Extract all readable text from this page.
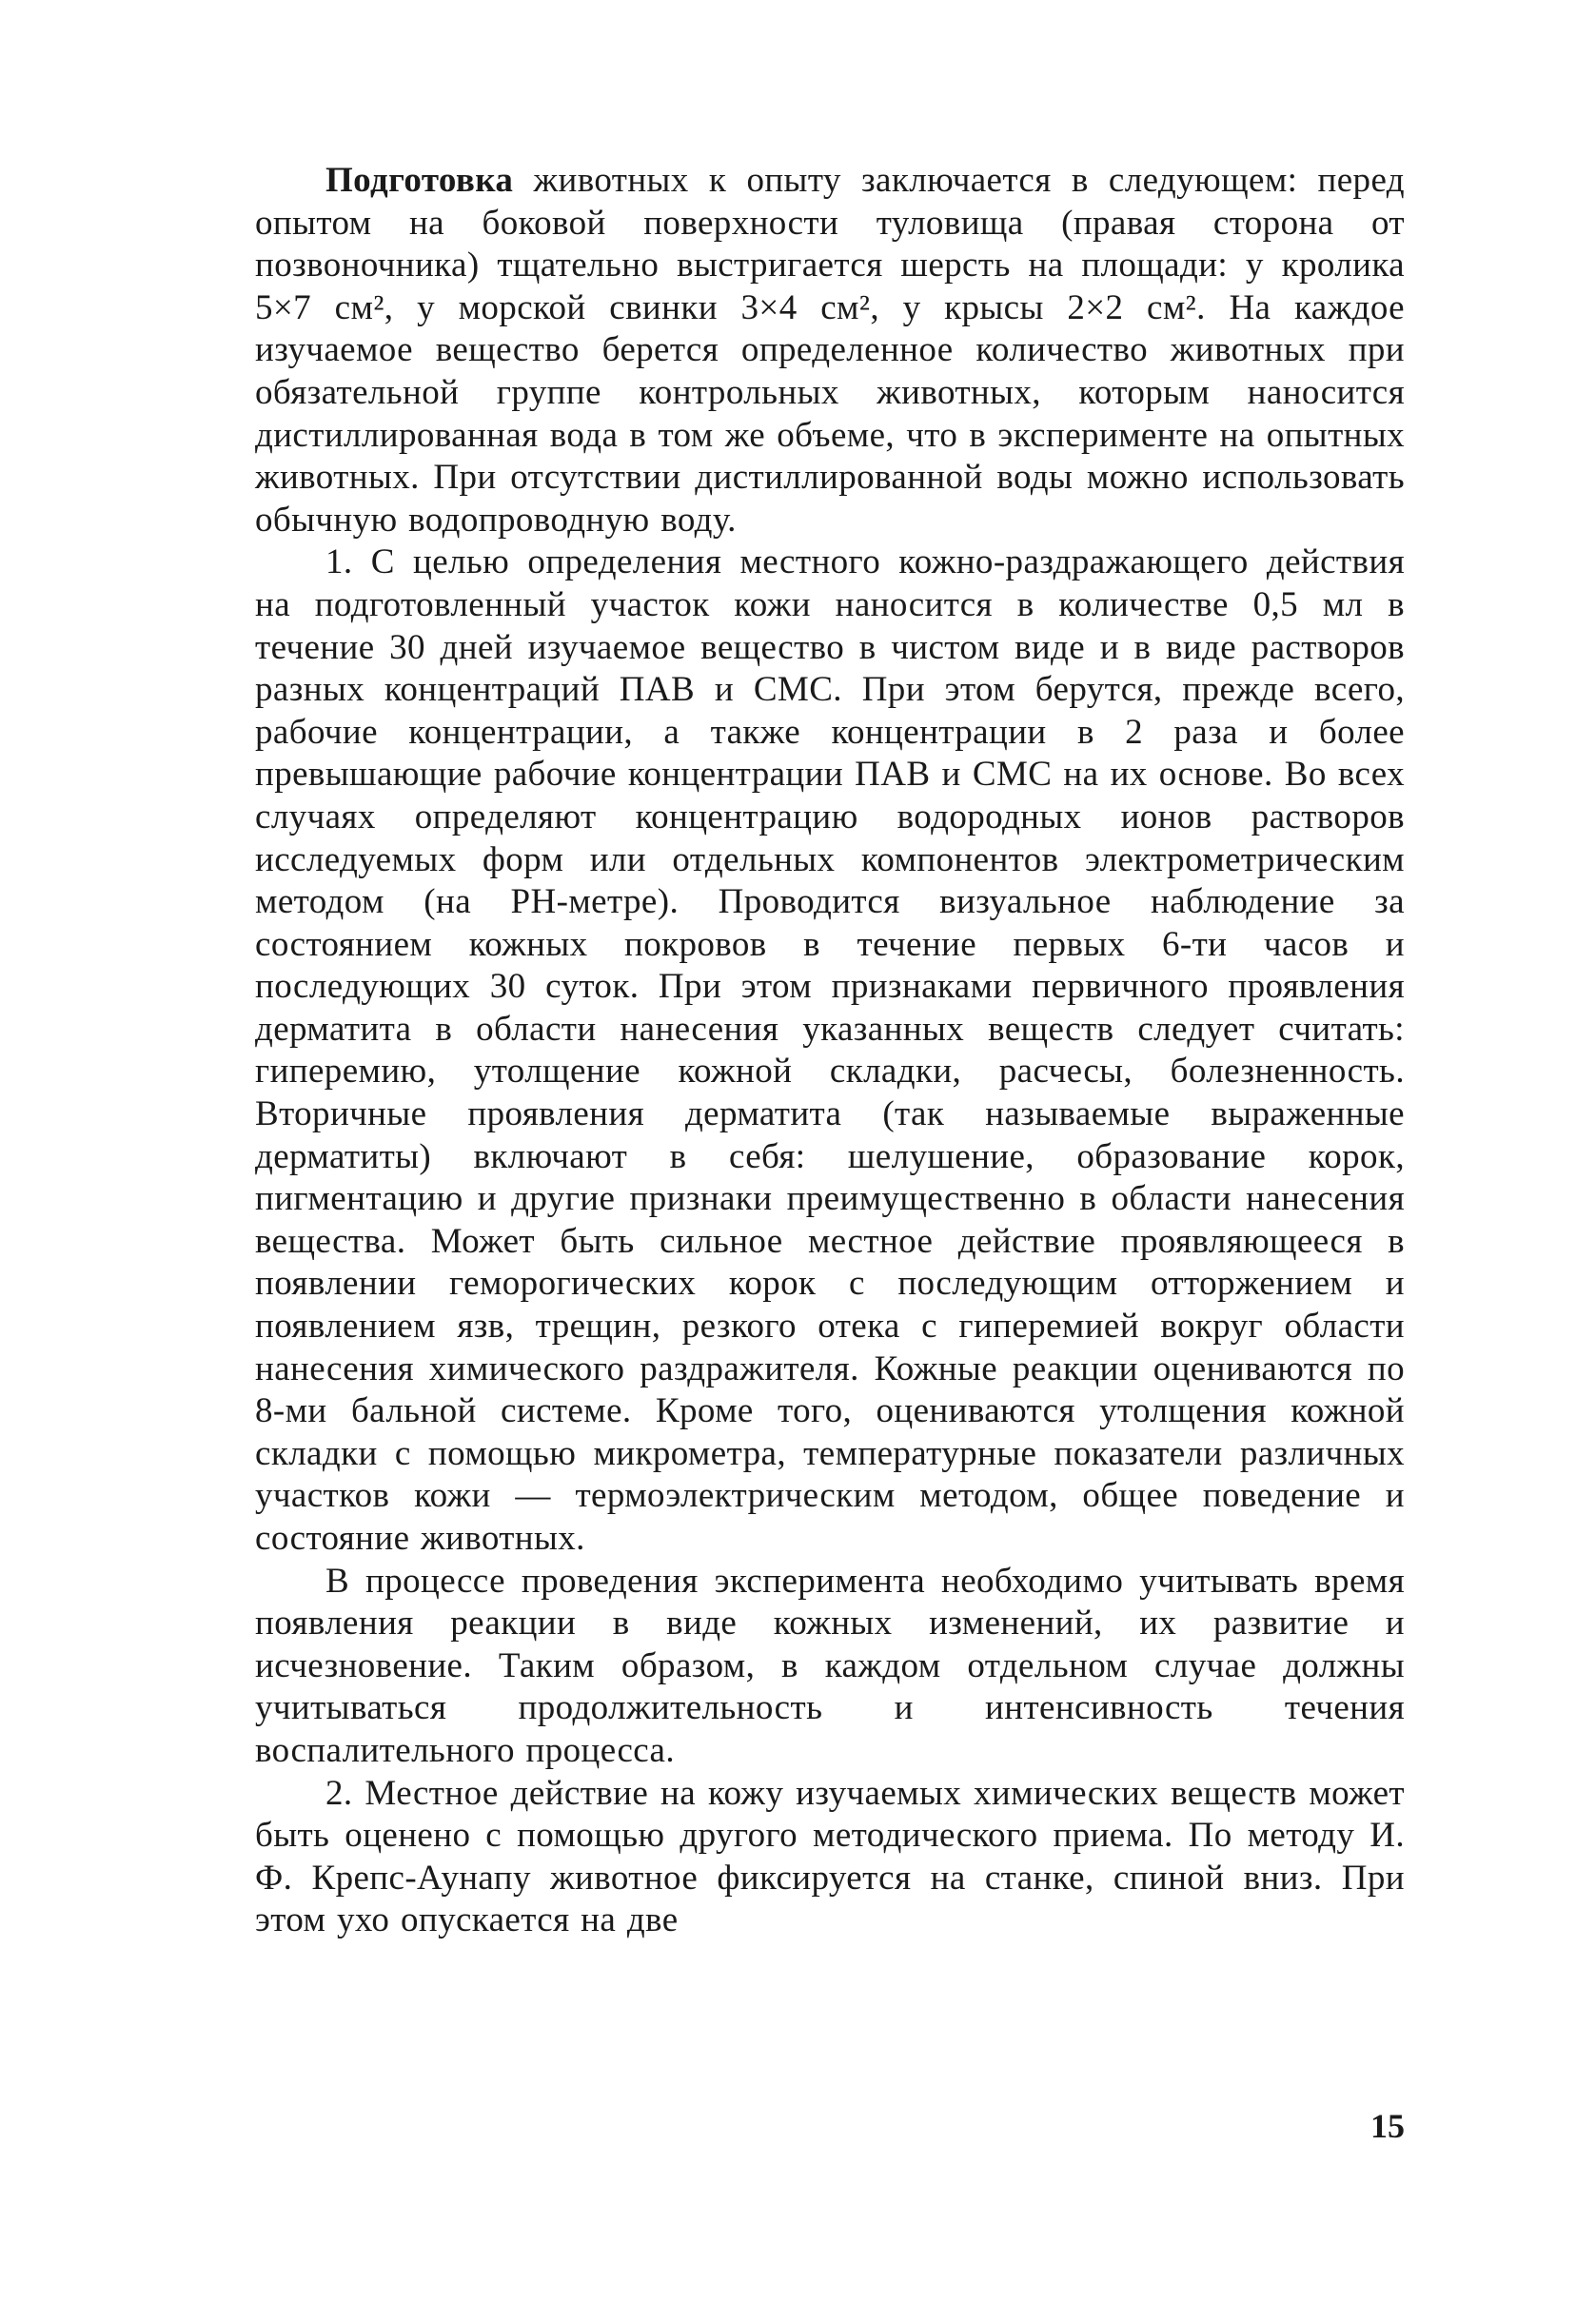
Подготовка животных к опыту заключается в следующем: перед опытом на боковой поверхности туловища (правая сторона от позвоночника) тщательно выстригается шерсть на площади: у кролика 5×7 см², у морской свинки 3×4 см², у крысы 2×2 см². На каждое изучаемое вещество берется определенное количество животных при обязательной группе контрольных животных, которым наносится дистиллированная вода в том же объеме, что в эксперименте на опытных животных. При отсутствии дистиллированной воды можно использовать обычную водопроводную воду.

1. С целью определения местного кожно-раздражающего действия на подготовленный участок кожи наносится в количестве 0,5 мл в течение 30 дней изучаемое вещество в чистом виде и в виде растворов разных концентраций ПАВ и СМС. При этом берутся, прежде всего, рабочие концентрации, а также концентрации в 2 раза и более превышающие рабочие концентрации ПАВ и СМС на их основе. Во всех случаях определяют концентрацию водородных ионов растворов исследуемых форм или отдельных компонентов электрометрическим методом (на PH-метре). Проводится визуальное наблюдение за состоянием кожных покровов в течение первых 6-ти часов и последующих 30 суток. При этом признаками первичного проявления дерматита в области нанесения указанных веществ следует считать: гиперемию, утолщение кожной складки, расчесы, болезненность. Вторичные проявления дерматита (так называемые выраженные дерматиты) включают в себя: шелушение, образование корок, пигментацию и другие признаки преимущественно в области нанесения вещества. Может быть сильное местное действие проявляющееся в появлении геморогических корок с последующим отторжением и появлением язв, трещин, резкого отека с гиперемией вокруг области нанесения химического раздражителя. Кожные реакции оцениваются по 8-ми бальной системе. Кроме того, оцениваются утолщения кожной складки с помощью микрометра, температурные показатели различных участков кожи — термоэлектрическим методом, общее поведение и состояние животных.

В процессе проведения эксперимента необходимо учитывать время появления реакции в виде кожных изменений, их развитие и исчезновение. Таким образом, в каждом отдельном случае должны учитываться продолжительность и интенсивность течения воспалительного процесса.

2. Местное действие на кожу изучаемых химических веществ может быть оценено с помощью другого методического приема. По методу И. Ф. Крепс-Аунапу животное фиксируется на станке, спиной вниз. При этом ухо опускается на две

15
